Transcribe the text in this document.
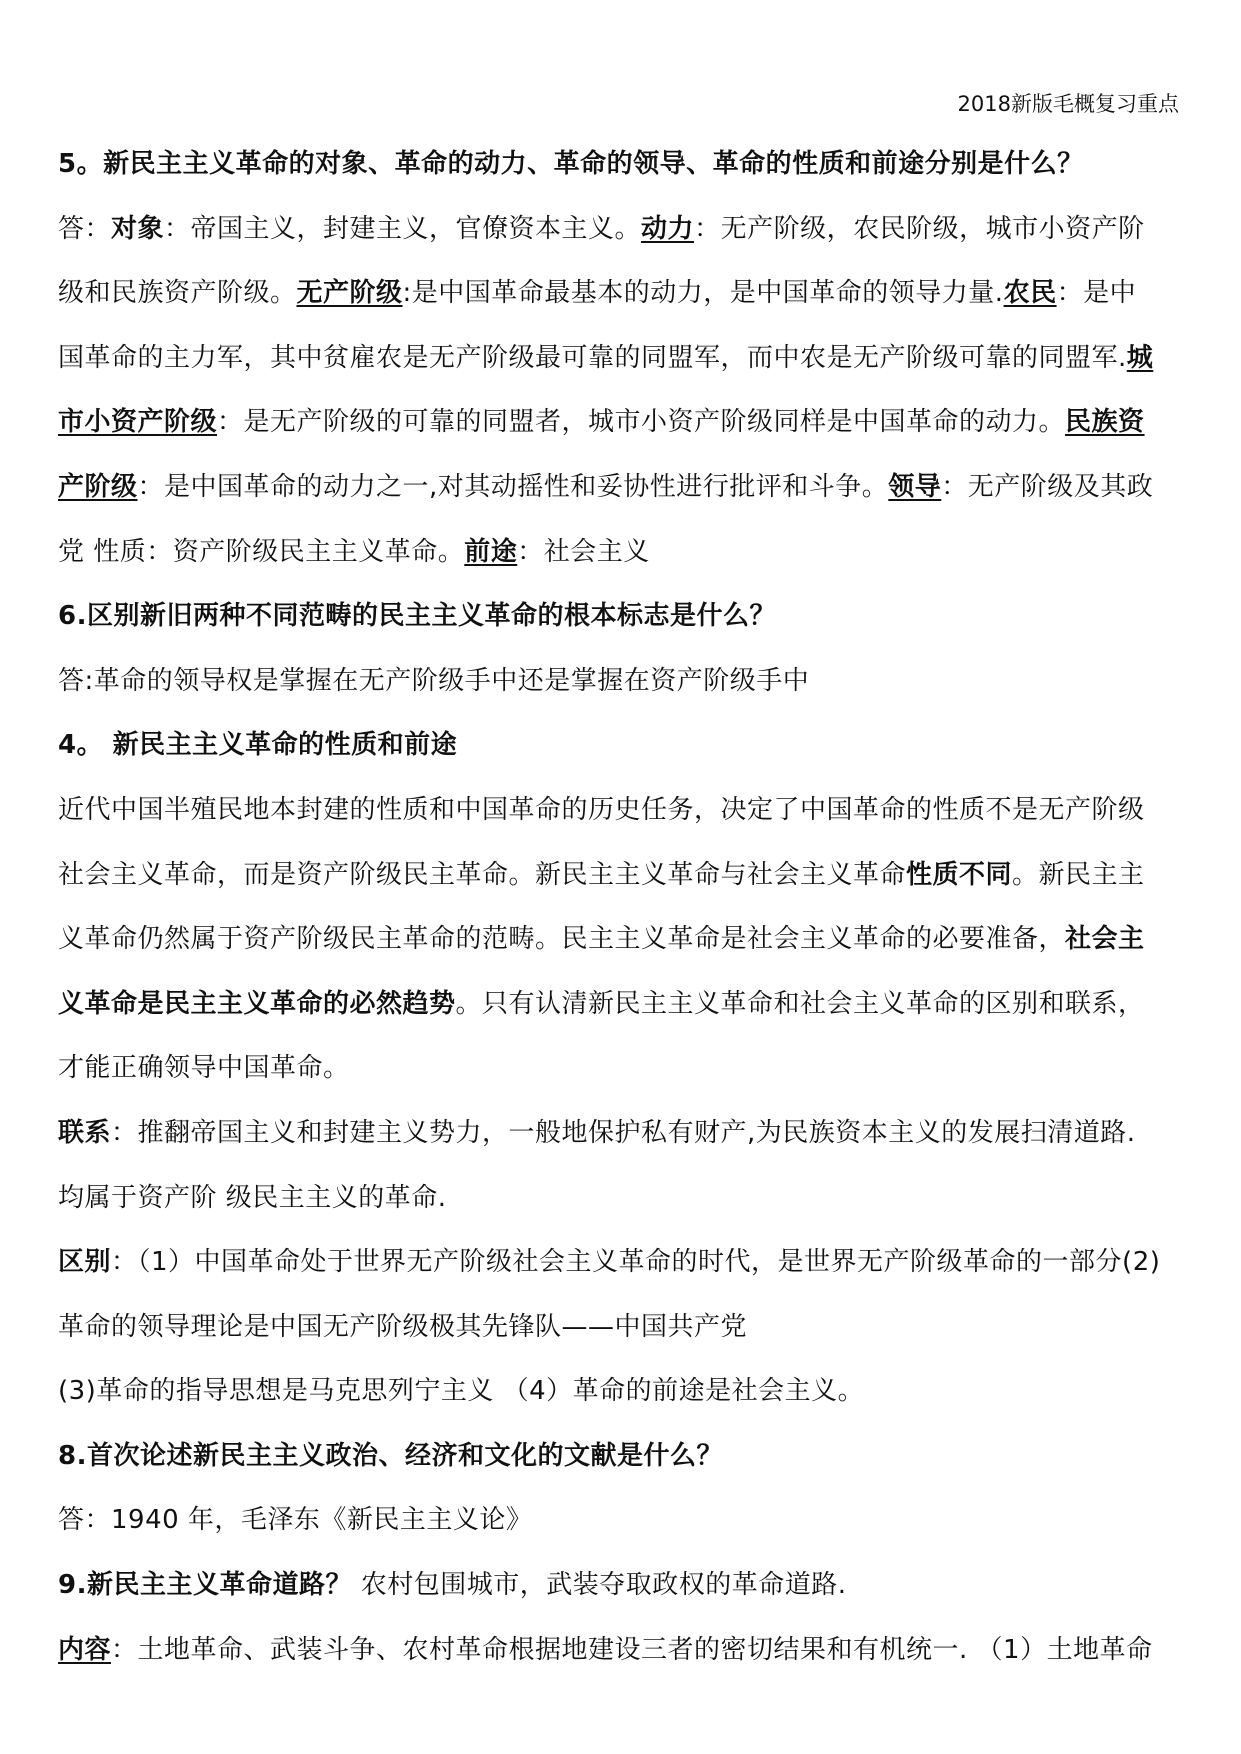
2018新版毛概复习重点
5。新民主主义革命的对象、革命的动力、革命的领导、革命的性质和前途分别是什么？
答：对象：帝国主义，封建主义，官僚资本主义。动力：无产阶级，农民阶级，城市小资产阶
级和民族资产阶级。无产阶级:是中国革命最基本的动力，是中国革命的领导力量.农民：是中
国革命的主力军，其中贫雇农是无产阶级最可靠的同盟军，而中农是无产阶级可靠的同盟军.城
市小资产阶级：是无产阶级的可靠的同盟者，城市小资产阶级同样是中国革命的动力。民族资
产阶级：是中国革命的动力之一,对其动摇性和妥协性进行批评和斗争。领导：无产阶级及其政
党 性质：资产阶级民主主义革命。前途：社会主义
6.区别新旧两种不同范畴的民主主义革命的根本标志是什么？
答:革命的领导权是掌握在无产阶级手中还是掌握在资产阶级手中
4。 新民主主义革命的性质和前途
近代中国半殖民地本封建的性质和中国革命的历史任务，决定了中国革命的性质不是无产阶级
社会主义革命，而是资产阶级民主革命。新民主主义革命与社会主义革命性质不同。新民主主
义革命仍然属于资产阶级民主革命的范畴。民主主义革命是社会主义革命的必要准备，社会主
义革命是民主主义革命的必然趋势。只有认清新民主主义革命和社会主义革命的区别和联系，
才能正确领导中国革命。
联系：推翻帝国主义和封建主义势力，一般地保护私有财产,为民族资本主义的发展扫清道路.
均属于资产阶 级民主主义的革命.
区别：（1）中国革命处于世界无产阶级社会主义革命的时代，是世界无产阶级革命的一部分(2)
革命的领导理论是中国无产阶级极其先锋队——中国共产党
(3)革命的指导思想是马克思列宁主义 （4）革命的前途是社会主义。
8.首次论述新民主主义政治、经济和文化的文献是什么？
答：1940 年，毛泽东《新民主主义论》
9.新民主主义革命道路？ 农村包围城市，武装夺取政权的革命道路.
内容：土地革命、武装斗争、农村革命根据地建设三者的密切结果和有机统一. （1）土地革命
